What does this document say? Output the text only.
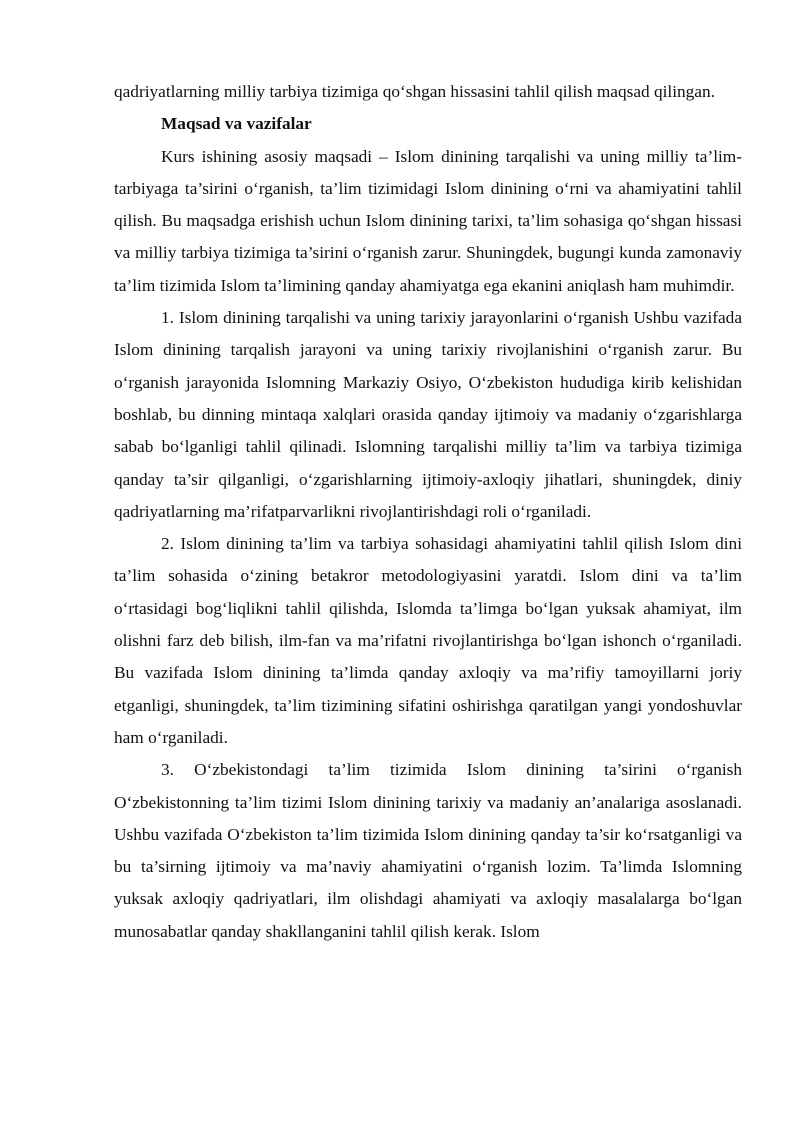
qadriyatlarning milliy tarbiya tizimiga qo‘shgan hissasini tahlil qilish maqsad qilingan.

Maqsad va vazifalar

Kurs ishining asosiy maqsadi – Islom dinining tarqalishi va uning milliy ta’lim-tarbiyaga ta’sirini o‘rganish, ta’lim tizimidagi Islom dinining o‘rni va ahamiyatini tahlil qilish. Bu maqsadga erishish uchun Islom dinining tarixi, ta’lim sohasiga qo‘shgan hissasi va milliy tarbiya tizimiga ta’sirini o‘rganish zarur. Shuningdek, bugungi kunda zamonaviy ta’lim tizimida Islom ta’limining qanday ahamiyatga ega ekanini aniqlash ham muhimdir.

1. Islom dinining tarqalishi va uning tarixiy jarayonlarini o‘rganish Ushbu vazifada Islom dinining tarqalish jarayoni va uning tarixiy rivojlanishini o‘rganish zarur. Bu o‘rganish jarayonida Islomning Markaziy Osiyo, O‘zbekiston hududiga kirib kelishidan boshlab, bu dinning mintaqa xalqlari orasida qanday ijtimoiy va madaniy o‘zgarishlarga sabab bo‘lganligi tahlil qilinadi. Islomning tarqalishi milliy ta’lim va tarbiya tizimiga qanday ta’sir qilganligi, o‘zgarishlarning ijtimoiy-axloqiy jihatlari, shuningdek, diniy qadriyatlarning ma’rifatparvarlikni rivojlantirishdagi roli o‘rganiladi.

2. Islom dinining ta’lim va tarbiya sohasidagi ahamiyatini tahlil qilish Islom dini ta’lim sohasida o‘zining betakror metodologiyasini yaratdi. Islom dini va ta’lim o‘rtasidagi bog‘liqlikni tahlil qilishda, Islomda ta’limga bo‘lgan yuksak ahamiyat, ilm olishni farz deb bilish, ilm-fan va ma’rifatni rivojlantirishga bo‘lgan ishonch o‘rganiladi. Bu vazifada Islom dinining ta’limda qanday axloqiy va ma’rifiy tamoyillarni joriy etganligi, shuningdek, ta’lim tizimining sifatini oshirishga qaratilgan yangi yondoshuvlar ham o‘rganiladi.

3. O‘zbekistondagi ta’lim tizimida Islom dinining ta’sirini o‘rganish O‘zbekistonning ta’lim tizimi Islom dinining tarixiy va madaniy an’analariga asoslanadi. Ushbu vazifada O‘zbekiston ta’lim tizimida Islom dinining qanday ta’sir ko‘rsatganligi va bu ta’sirning ijtimoiy va ma’naviy ahamiyatini o‘rganish lozim. Ta’limda Islomning yuksak axloqiy qadriyatlari, ilm olishdagi ahamiyati va axloqiy masalalarga bo‘lgan munosabatlar qanday shakllanganini tahlil qilish kerak. Islom
